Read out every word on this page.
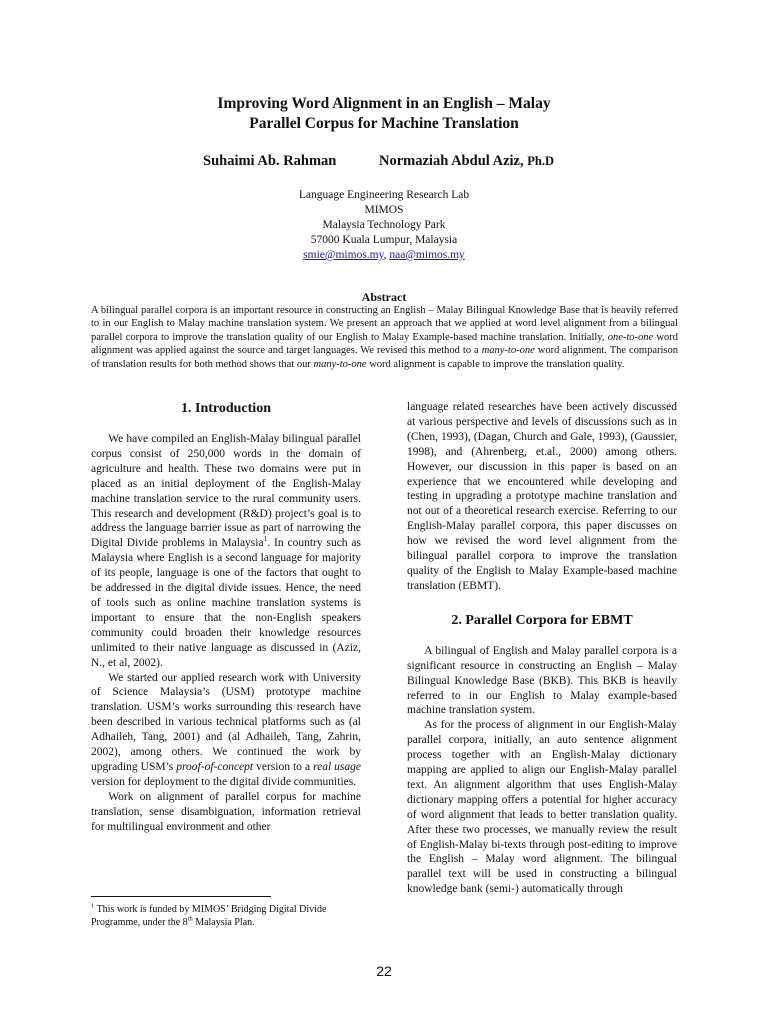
Improving Word Alignment in an English – Malay
Parallel Corpus for Machine Translation
Suhaimi Ab. Rahman	Normaziah Abdul Aziz, Ph.D
Language Engineering Research Lab
MIMOS
Malaysia Technology Park
57000 Kuala Lumpur, Malaysia
smie@mimos.my, naa@mimos.my
Abstract

A bilingual parallel corpora is an important resource in constructing an English – Malay Bilingual Knowledge Base that is heavily referred to in our English to Malay machine translation system. We present an approach that we applied at word level alignment from a bilingual parallel corpora to improve the translation quality of our English to Malay Example-based machine translation. Initially, one-to-one word alignment was applied against the source and target languages. We revised this method to a many-to-one word alignment. The comparison of translation results for both method shows that our many-to-one word alignment is capable to improve the translation quality.

1. Introduction

We have compiled an English-Malay bilingual parallel corpus consist of 250,000 words in the domain of agriculture and health. These two domains were put in placed as an initial deployment of the English-Malay machine translation service to the rural community users. This research and development (R&D) project’s goal is to address the language barrier issue as part of narrowing the Digital Divide problems in Malaysia$^1$. In country such as Malaysia where English is a second language for majority of its people, language is one of the factors that ought to be addressed in the digital divide issues. Hence, the need of tools such as online machine translation systems is important to ensure that the non-English speakers community could broaden their knowledge resources unlimited to their native language as discussed in (Aziz, N., et al, 2002).

We started our applied research work with University of Science Malaysia’s (USM) prototype machine translation. USM’s works surrounding this research have been described in various technical platforms such as (al Adhaileh, Tang, 2001) and (al Adhaileh, Tang, Zahrin, 2002), among others. We continued the work by upgrading USM’s proof-of-concept version to a real usage version for deployment to the digital divide communities.

Work on alignment of parallel corpus for machine translation, sense disambiguation, information retrieval for multilingual environment and other

language related researches have been actively discussed at various perspective and levels of discussions such as in (Chen, 1993), (Dagan, Church and Gale, 1993), (Gaussier, 1998), and (Ahrenberg, et.al., 2000) among others. However, our discussion in this paper is based on an experience that we encountered while developing and testing in upgrading a prototype machine translation and not out of a theoretical research exercise. Referring to our English-Malay parallel corpora, this paper discusses on how we revised the word level alignment from the bilingual parallel corpora to improve the translation quality of the English to Malay Example-based machine translation (EBMT).

2. Parallel Corpora for EBMT

A bilingual of English and Malay parallel corpora is a significant resource in constructing an English – Malay Bilingual Knowledge Base (BKB). This BKB is heavily referred to in our English to Malay example-based machine translation system.

As for the process of alignment in our English-Malay parallel corpora, initially, an auto sentence alignment process together with an English-Malay dictionary mapping are applied to align our English-Malay parallel text. An alignment algorithm that uses English-Malay dictionary mapping offers a potential for higher accuracy of word alignment that leads to better translation quality. After these two processes, we manually review the result of English-Malay bi-texts through post-editing to improve the English – Malay word alignment. The bilingual parallel text will be used in constructing a bilingual knowledge bank (semi-) automatically through

$^1$ This work is funded by MIMOS’ Bridging Digital Divide Programme, under the 8th Malaysia Plan.
22
